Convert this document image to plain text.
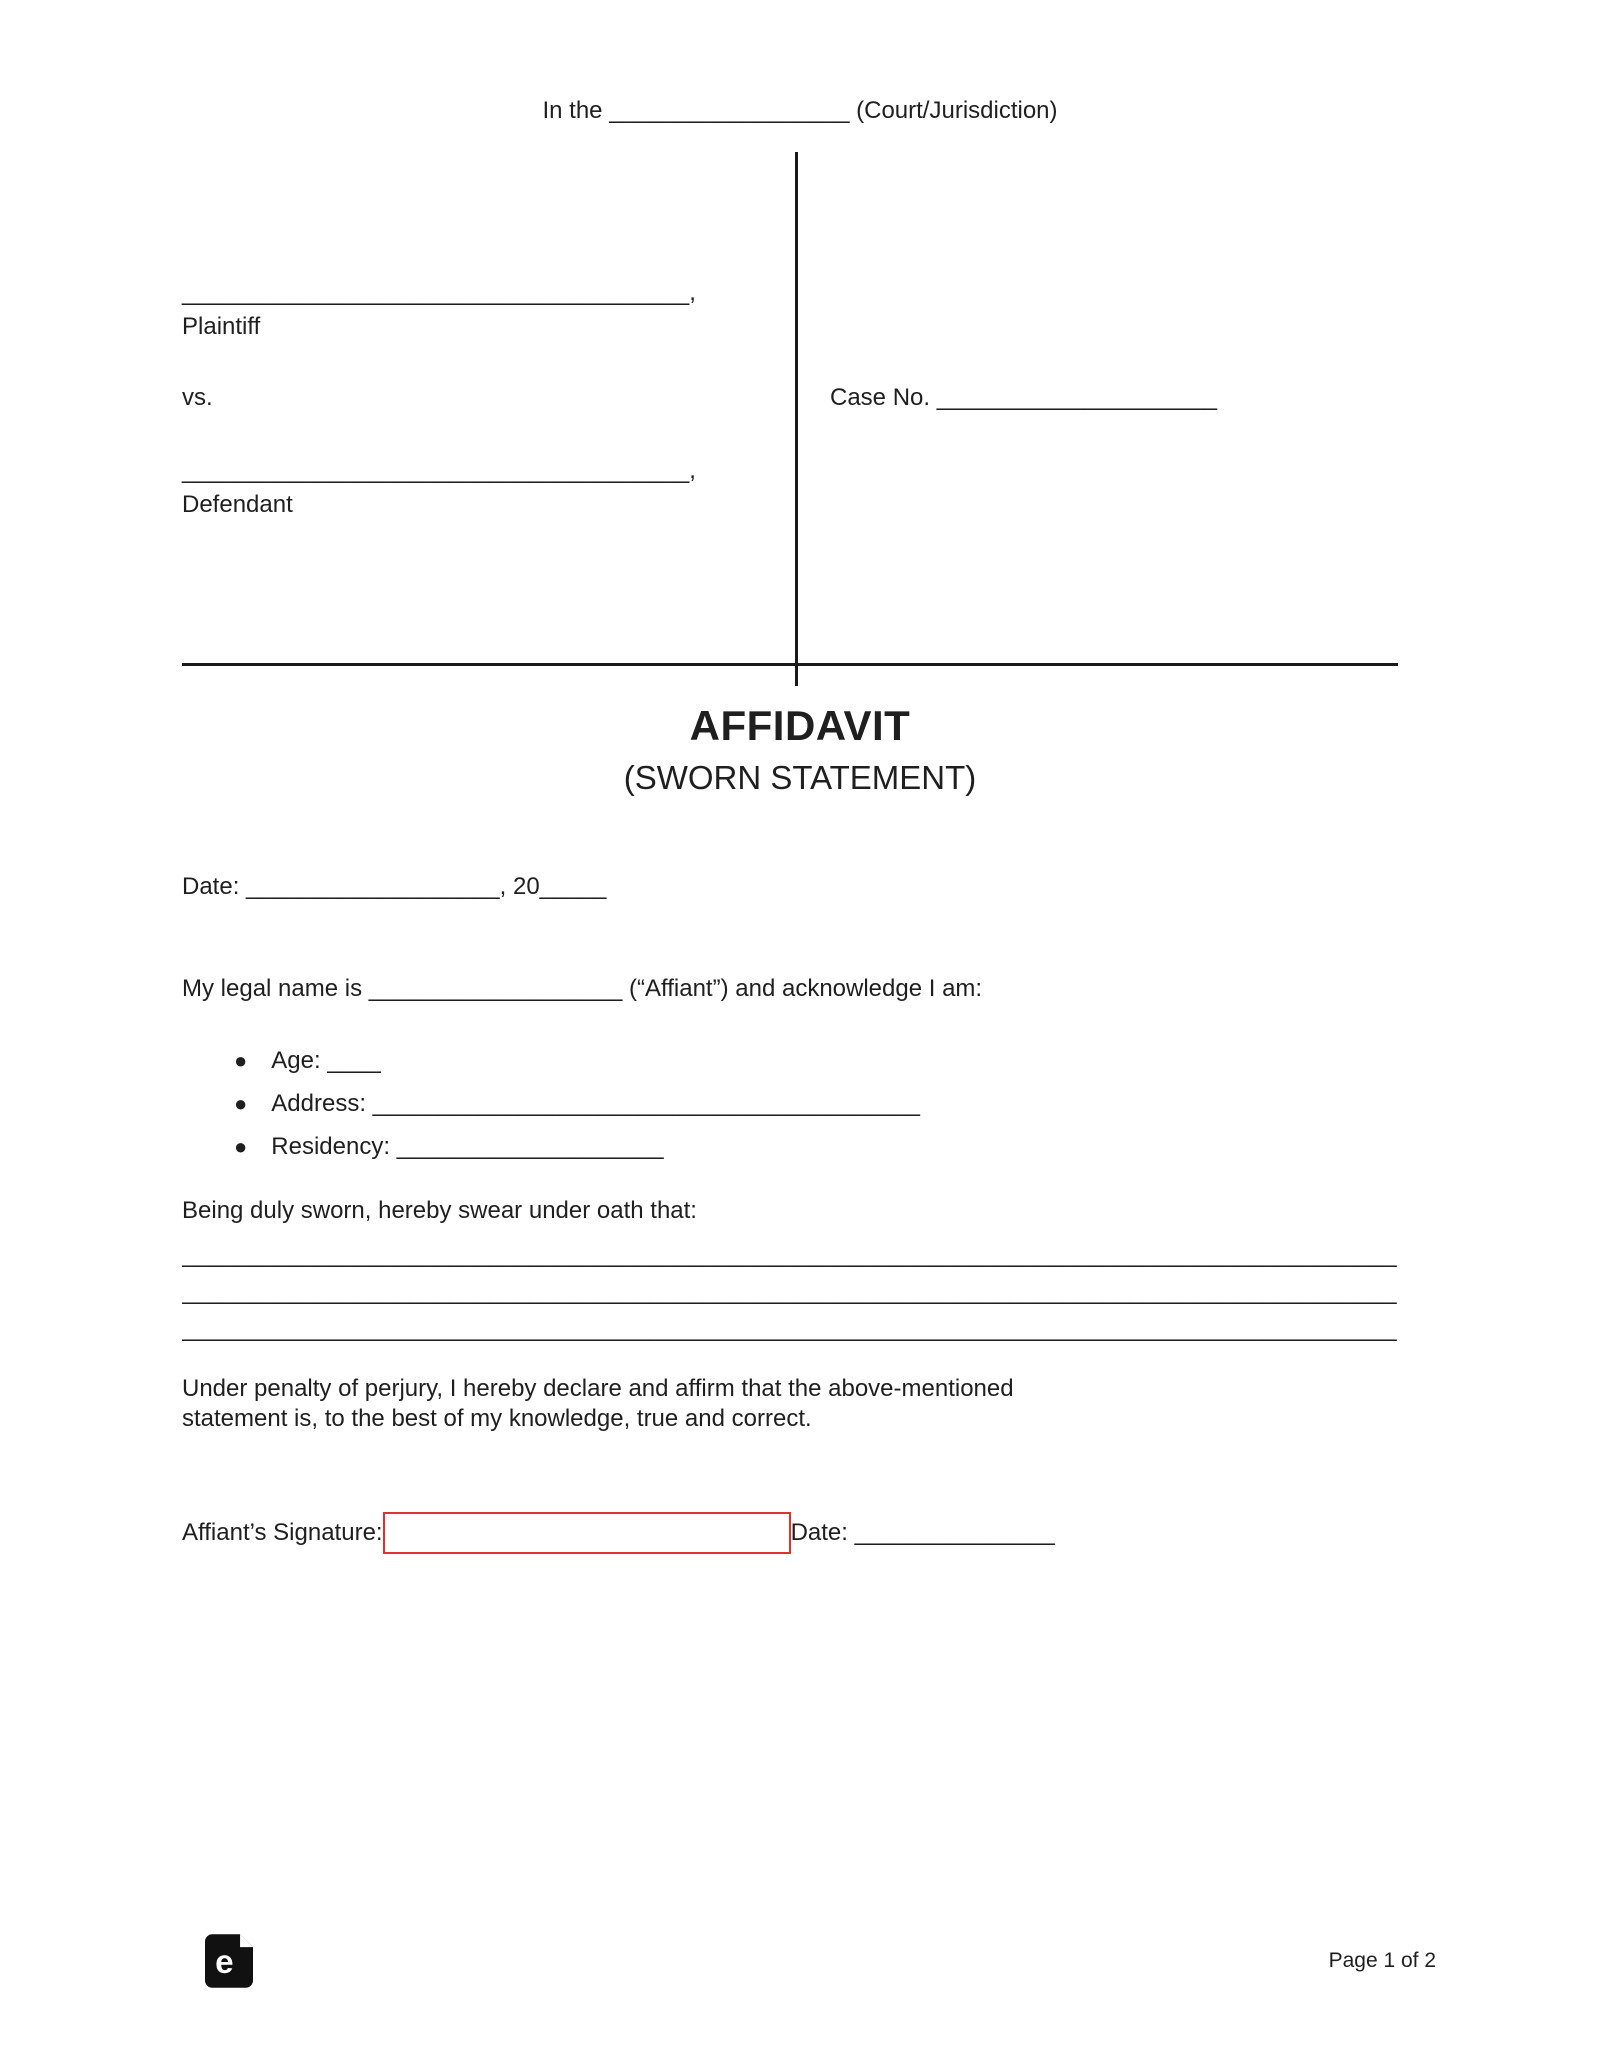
In the __________________ (Court/Jurisdiction)
______________________________________,
Plaintiff
vs.
______________________________________,
Defendant
Case No. _____________________
AFFIDAVIT
(SWORN STATEMENT)
Date: ___________________, 20_____
My legal name is ___________________ (“Affiant”) and acknowledge I am:
● Age: ____
● Address: _________________________________________
● Residency: ____________________
Being duly sworn, hereby swear under oath that:
___________________________________________________________________________________________
___________________________________________________________________________________________
___________________________________________________________________________________________
Under penalty of perjury, I hereby declare and affirm that the above-mentioned
statement is, to the best of my knowledge, true and correct.
Affiant’s Signature:	Date: _______________
e	Page 1 of 2
